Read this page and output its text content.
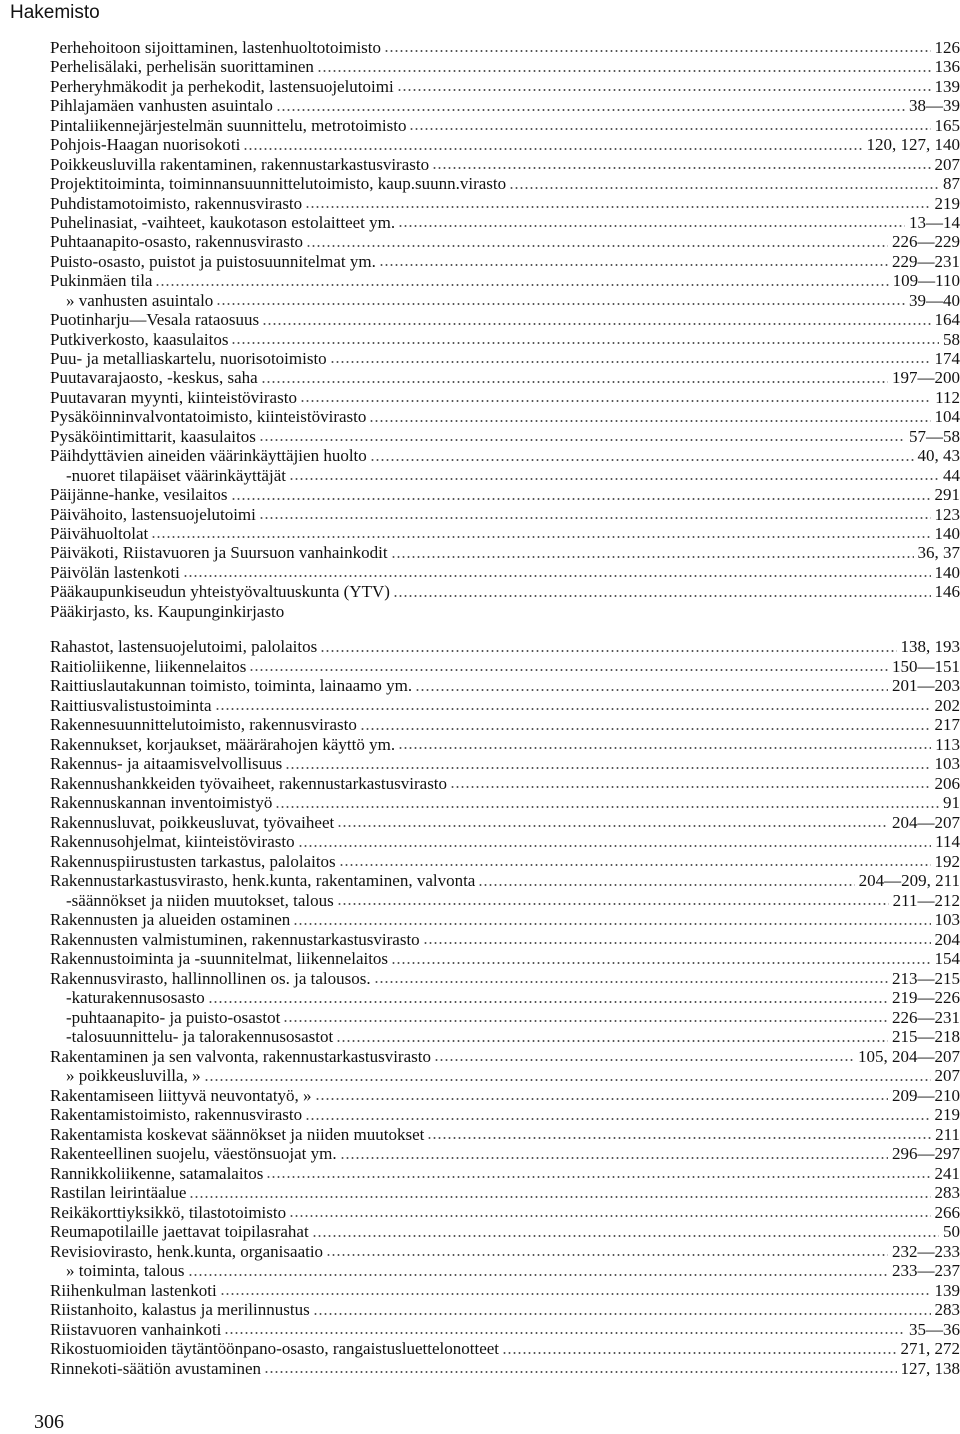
Hakemisto
Perhehoitoon sijoittaminen, lastenhuoltotoimisto	126
Perhelisälaki, perhelisän suorittaminen	136
Perheryhmäkodit ja perhekodit, lastensuojelutoimi	139
Pihlajamäen vanhusten asuintalo	38—39
Pintaliikennejärjestelmän suunnittelu, metrotoimisto	165
Pohjois-Haagan nuorisokoti	120, 127, 140
Poikkeusluvilla rakentaminen, rakennustarkastusvirasto	207
Projektitoiminta, toiminnansuunnittelutoimisto, kaup.suunn.virasto	87
Puhdistamotoimisto, rakennusvirasto	219
Puhelinasiat, -vaihteet, kaukotason estolaitteet ym.	13—14
Puhtaanapito-osasto, rakennusvirasto	226—229
Puisto-osasto, puistot ja puistosuunnitelmat ym.	229—231
Pukinmäen tila	109—110
» vanhusten asuintalo	39—40
Puotinharju—Vesala rataosuus	164
Putkiverkosto, kaasulaitos	58
Puu- ja metalliaskartelu, nuorisotoimisto	174
Puutavarajaosto, -keskus, saha	197—200
Puutavaran myynti, kiinteistövirasto	112
Pysäköinninvalvontatoimisto, kiinteistövirasto	104
Pysäköintimittarit, kaasulaitos	57—58
Päihdyttävien aineiden väärinkäyttäjien huolto	40, 43
-nuoret tilapäiset väärinkäyttäjät	44
Päijänne-hanke, vesilaitos	291
Päivähoito, lastensuojelutoimi	123
Päivähuoltolat	140
Päiväkoti, Riistavuoren ja Suursuon vanhainkodit	36, 37
Päivölän lastenkoti	140
Pääkaupunkiseudun yhteistyövaltuuskunta (YTV)	146
Pääkirjasto, ks. Kaupunginkirjasto
Rahastot, lastensuojelutoimi, palolaitos	138, 193
Raitioliikenne, liikennelaitos	150—151
Raittiuslautakunnan toimisto, toiminta, lainaamo ym.	201—203
Raittiusvalistustoiminta	202
Rakennesuunnittelutoimisto, rakennusvirasto	217
Rakennukset, korjaukset, määrärahojen käyttö ym.	113
Rakennus- ja aitaamisvelvollisuus	103
Rakennushankkeiden työvaiheet, rakennustarkastusvirasto	206
Rakennuskannan inventoimistyö	91
Rakennusluvat, poikkeusluvat, työvaiheet	204—207
Rakennusohjelmat, kiinteistövirasto	114
Rakennuspiirustusten tarkastus, palolaitos	192
Rakennustarkastusvirasto, henk.kunta, rakentaminen, valvonta	204—209, 211
-säännökset ja niiden muutokset, talous	211—212
Rakennusten ja alueiden ostaminen	103
Rakennusten valmistuminen, rakennustarkastusvirasto	204
Rakennustoiminta ja -suunnitelmat, liikennelaitos	154
Rakennusvirasto, hallinnollinen os. ja talousos.	213—215
-katurakennusosasto	219—226
-puhtaanapito- ja puisto-osastot	226—231
-talosuunnittelu- ja talorakennusosastot	215—218
Rakentaminen ja sen valvonta, rakennustarkastusvirasto	105, 204—207
» poikkeusluvilla, »	207
Rakentamiseen liittyvä neuvontatyö, »	209—210
Rakentamistoimisto, rakennusvirasto	219
Rakentamista koskevat säännökset ja niiden muutokset	211
Rakenteellinen suojelu, väestönsuojat ym.	296—297
Rannikkoliikenne, satamalaitos	241
Rastilan leirintäalue	283
Reikäkorttiyksikkö, tilastotoimisto	266
Reumapotilaille jaettavat toipilasrahat	50
Revisiovirasto, henk.kunta, organisaatio	232—233
» toiminta, talous	233—237
Riihenkulman lastenkoti	139
Riistanhoito, kalastus ja merilinnustus	283
Riistavuoren vanhainkoti	35—36
Rikostuomioiden täytäntöönpano-osasto, rangaistusluettelonotteet	271, 272
Rinnekoti-säätiön avustaminen	127, 138
306
